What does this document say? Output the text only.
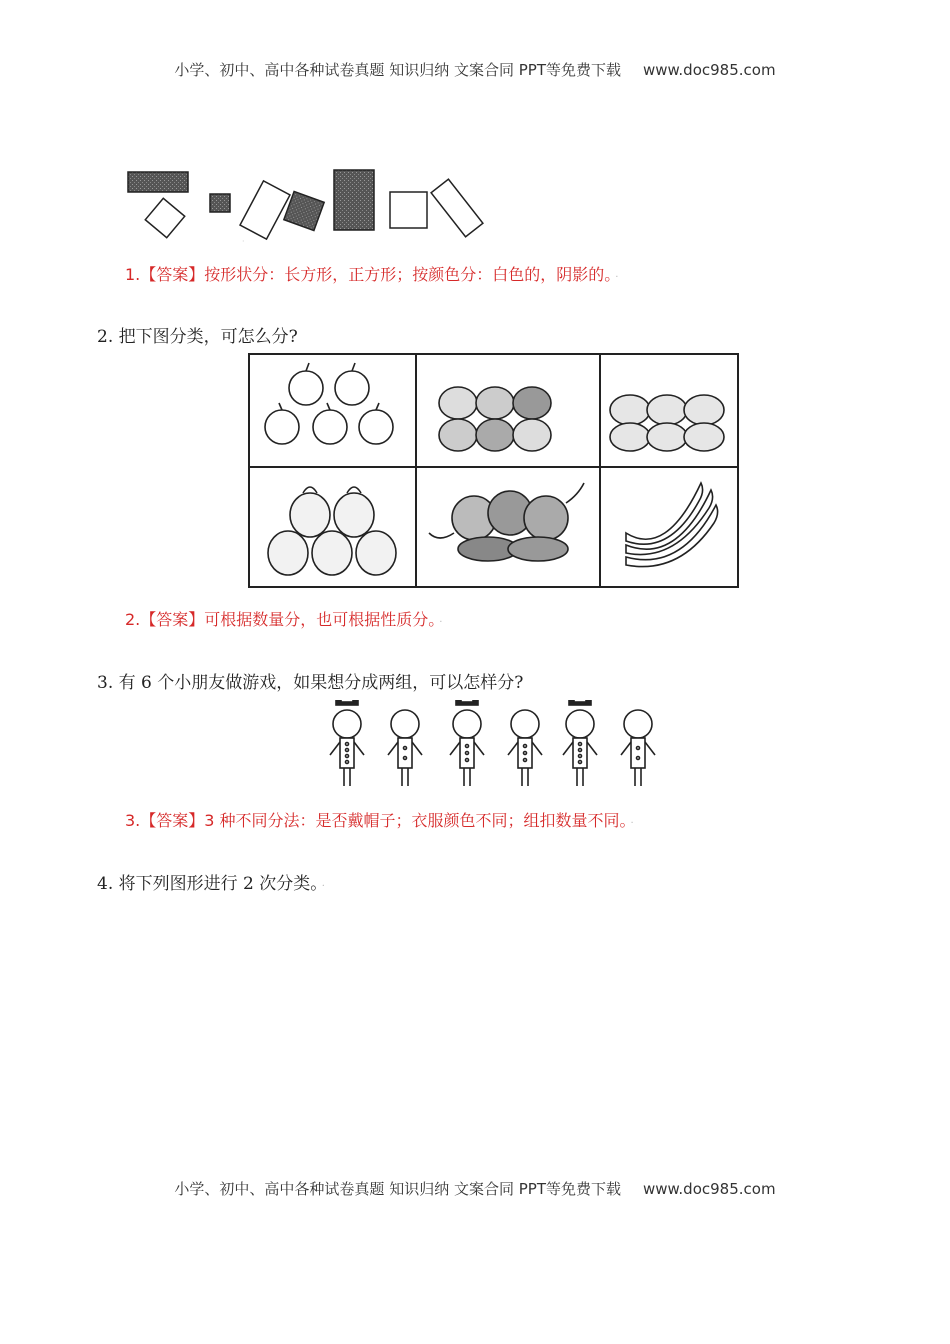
小学、初中、高中各种试卷真题 知识归纳 文案合同 PPT等免费下载 www.doc985.com
·
1.【答案】按形状分：长方形，正方形；按颜色分：白色的，阴影的。 ·
2. 把下图分类，可怎么分?
2.【答案】可根据数量分，也可根据性质分。 ·
3. 有 6 个小朋友做游戏，如果想分成两组，可以怎样分?
3.【答案】3 种不同分法：是否戴帽子；衣服颜色不同；组扣数量不同。 ·
4. 将下列图形进行 2 次分类。 ·
小学、初中、高中各种试卷真题 知识归纳 文案合同 PPT等免费下载 www.doc985.com
